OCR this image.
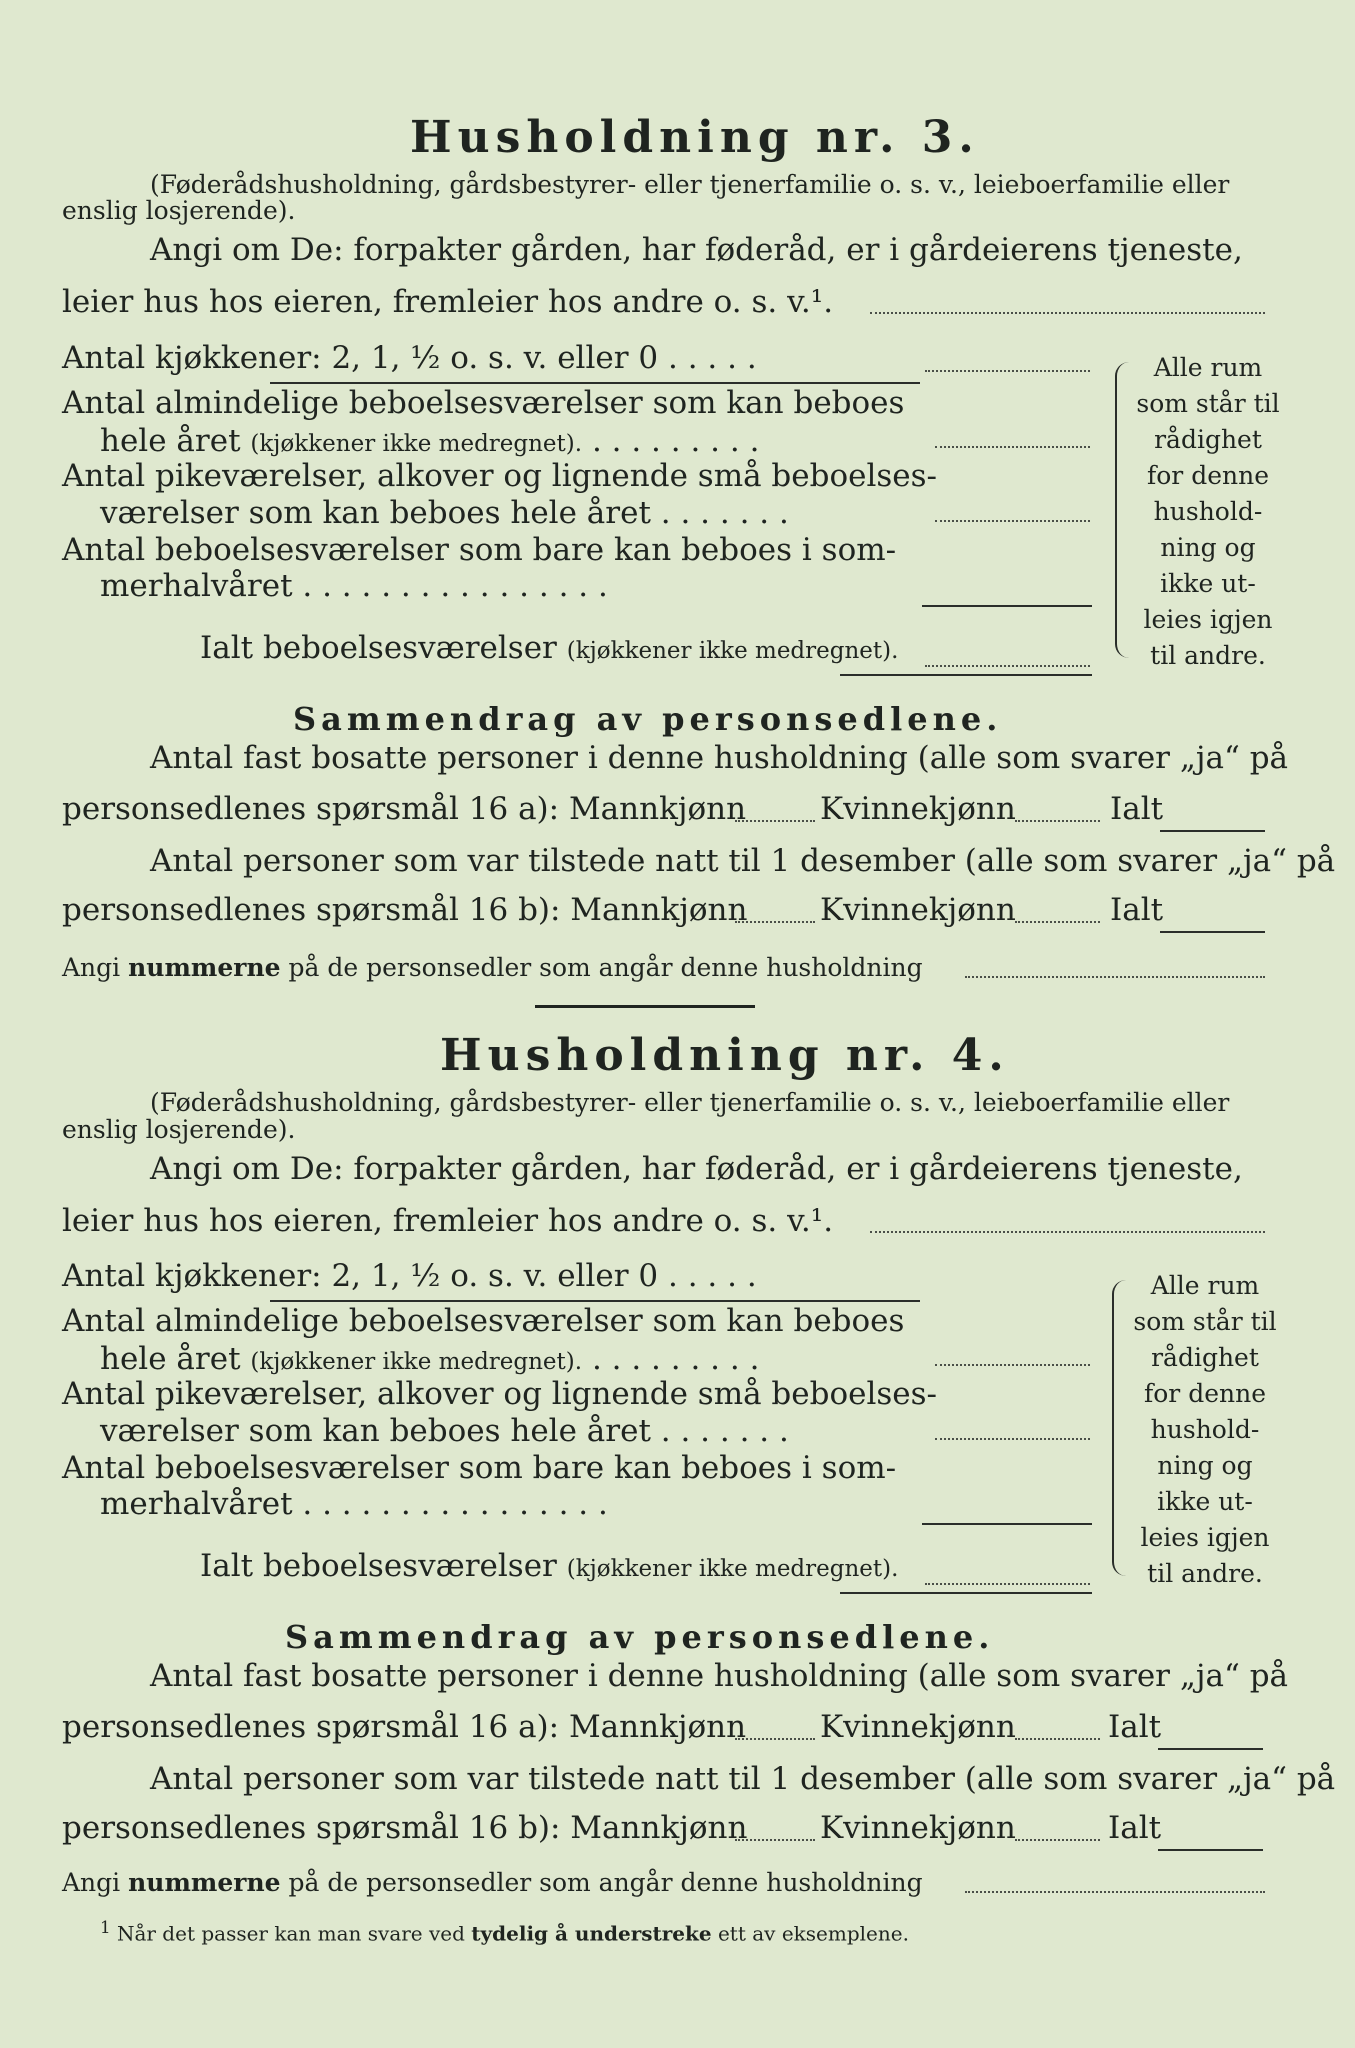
Husholdning nr. 3.
(Føderådshusholdning, gårdsbestyrer- eller tjenerfamilie o. s. v., leieboerfamilie eller
enslig losjerende).
Angi om De: forpakter gården, har føderåd, er i gårdeierens tjeneste,
leier hus hos eieren, fremleier hos andre o. s. v.¹.
Antal kjøkkener: 2, 1, ½ o. s. v. eller 0 . . . . .
Antal almindelige beboelsesværelser som kan beboes
hele året (kjøkkener ikke medregnet). . . . . . . . . .
Antal pikeværelser, alkover og lignende små beboelses-
værelser som kan beboes hele året . . . . . . .
Antal beboelsesværelser som bare kan beboes i som-
merhalvåret . . . . . . . . . . . . . . . .
Ialt beboelsesværelser (kjøkkener ikke medregnet).
Alle rum som står til rådighet for denne hushold-ning og ikke ut-leies igjen til andre.
Sammendrag av personsedlene.
Antal fast bosatte personer i denne husholdning (alle som svarer „ja“ på
personsedlenes spørsmål 16 a): Mannkjønn Kvinnekjønn	Ialt
Antal personer som var tilstede natt til 1 desember (alle som svarer „ja“ på
personsedlenes spørsmål 16 b): Mannkjønn Kvinnekjønn	Ialt
Angi nummerne på de personsedler som angår denne husholdning
Husholdning nr. 4.
(Føderådshusholdning, gårdsbestyrer- eller tjenerfamilie o. s. v., leieboerfamilie eller
enslig losjerende).
Angi om De: forpakter gården, har føderåd, er i gårdeierens tjeneste,
leier hus hos eieren, fremleier hos andre o. s. v.¹.
Antal kjøkkener: 2, 1, ½ o. s. v. eller 0 . . . . .
Antal almindelige beboelsesværelser som kan beboes
hele året (kjøkkener ikke medregnet). . . . . . . . . .
Antal pikeværelser, alkover og lignende små beboelses-
værelser som kan beboes hele året . . . . . . .
Antal beboelsesværelser som bare kan beboes i som-
merhalvåret . . . . . . . . . . . . . . . .
Ialt beboelsesværelser (kjøkkener ikke medregnet).
Alle rum som står til rådighet for denne hushold-ning og ikke ut-leies igjen til andre.
Sammendrag av personsedlene.
Antal fast bosatte personer i denne husholdning (alle som svarer „ja“ på
personsedlenes spørsmål 16 a): Mannkjønn Kvinnekjønn	Ialt
Antal personer som var tilstede natt til 1 desember (alle som svarer „ja“ på
personsedlenes spørsmål 16 b): Mannkjønn Kvinnekjønn	Ialt
Angi nummerne på de personsedler som angår denne husholdning
$^1$ Når det passer kan man svare ved tydelig å understreke ett av eksemplene.
